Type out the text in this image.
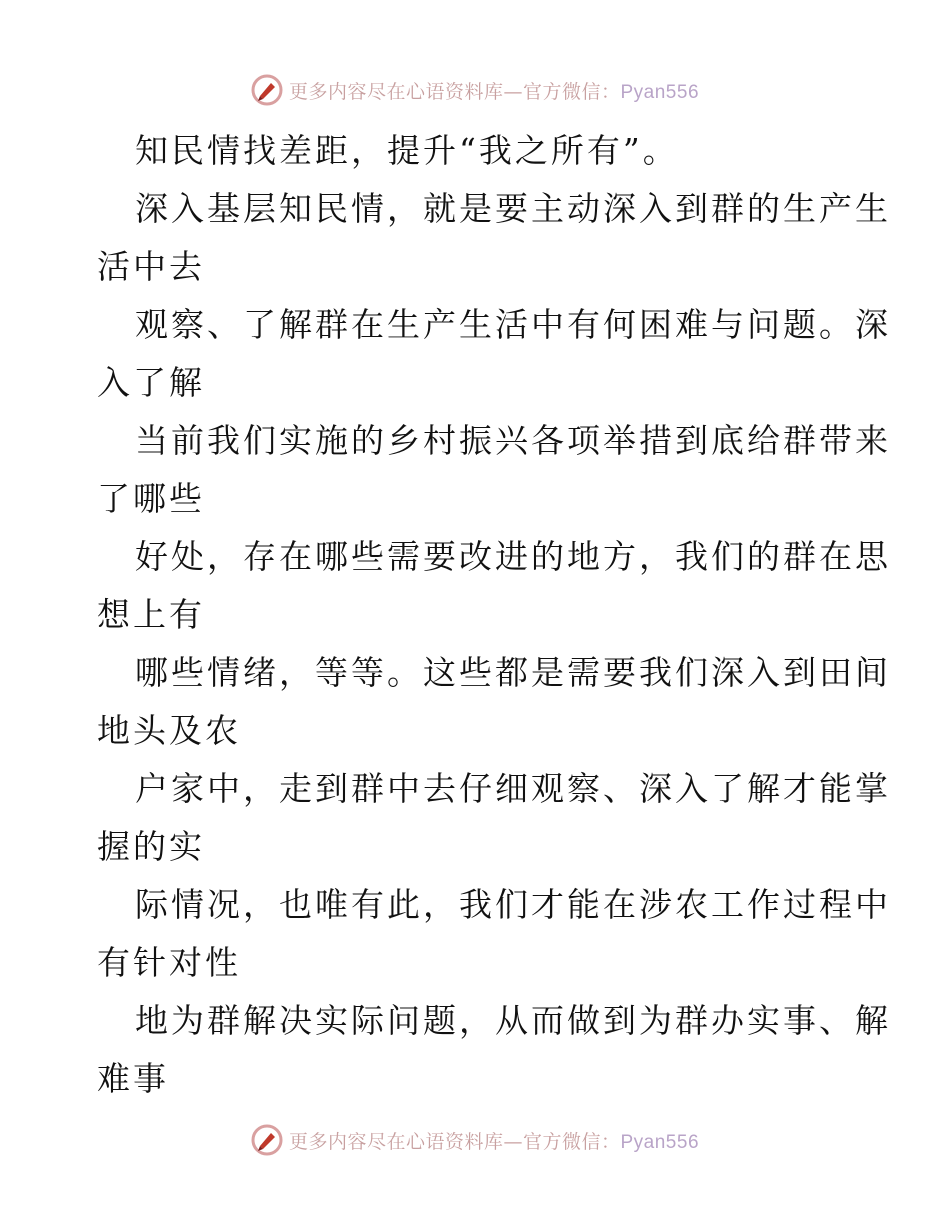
更多内容尽在心语资料库—官方微信：Pyan556
知民情找差距，提升“我之所有”。
深入基层知民情，就是要主动深入到群的生产生
活中去
观察、了解群在生产生活中有何困难与问题。深
入了解
当前我们实施的乡村振兴各项举措到底给群带来
了哪些
好处，存在哪些需要改进的地方，我们的群在思
想上有
哪些情绪，等等。这些都是需要我们深入到田间
地头及农
户家中，走到群中去仔细观察、深入了解才能掌
握的实
际情况，也唯有此，我们才能在涉农工作过程中
有针对性
地为群解决实际问题，从而做到为群办实事、解
难事
更多内容尽在心语资料库—官方微信：Pyan556
